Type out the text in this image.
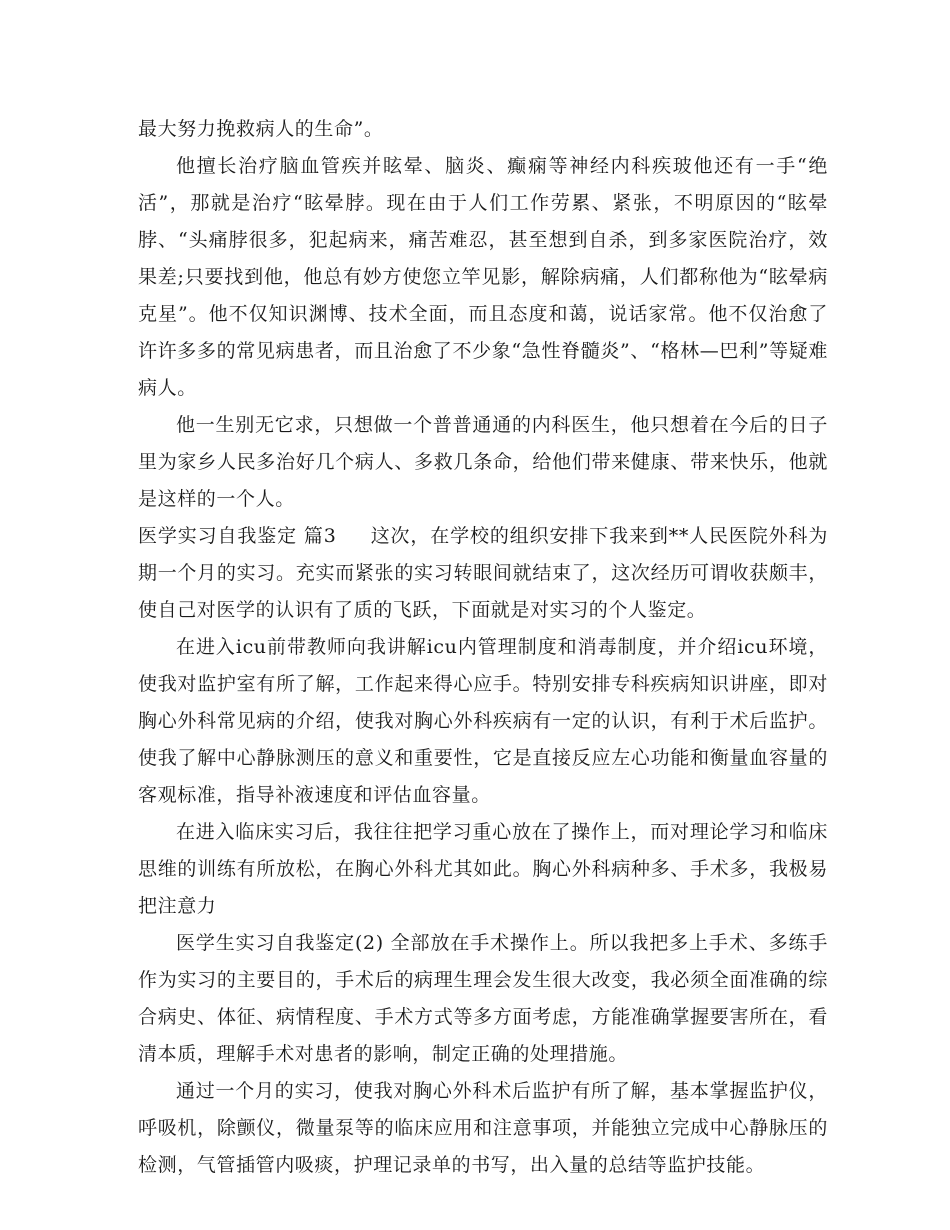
最大努力挽救病人的生命”。

他擅长治疗脑血管疾并眩晕、脑炎、癫痫等神经内科疾玻他还有一手“绝活”，那就是治疗“眩晕脖。现在由于人们工作劳累、紧张，不明原因的“眩晕脖、“头痛脖很多，犯起病来，痛苦难忍，甚至想到自杀，到多家医院治疗，效果差;只要找到他，他总有妙方使您立竿见影，解除病痛，人们都称他为“眩晕病克星”。他不仅知识渊博、技术全面，而且态度和蔼，说话家常。他不仅治愈了许许多多的常见病患者，而且治愈了不少象“急性脊髓炎”、“格林—巴利”等疑难病人。

他一生别无它求，只想做一个普普通通的内科医生，他只想着在今后的日子里为家乡人民多治好几个病人、多救几条命，给他们带来健康、带来快乐，他就是这样的一个人。

医学实习自我鉴定 篇3 这次，在学校的组织安排下我来到**人民医院外科为期一个月的实习。充实而紧张的实习转眼间就结束了，这次经历可谓收获颇丰，使自己对医学的认识有了质的飞跃，下面就是对实习的个人鉴定。

在进入icu前带教师向我讲解icu内管理制度和消毒制度，并介绍icu环境，使我对监护室有所了解，工作起来得心应手。特别安排专科疾病知识讲座，即对胸心外科常见病的介绍，使我对胸心外科疾病有一定的认识，有利于术后监护。使我了解中心静脉测压的意义和重要性，它是直接反应左心功能和衡量血容量的客观标准，指导补液速度和评估血容量。

在进入临床实习后，我往往把学习重心放在了操作上，而对理论学习和临床思维的训练有所放松，在胸心外科尤其如此。胸心外科病种多、手术多，我极易把注意力

医学生实习自我鉴定(2) 全部放在手术操作上。所以我把多上手术、多练手作为实习的主要目的，手术后的病理生理会发生很大改变，我必须全面准确的综合病史、体征、病情程度、手术方式等多方面考虑，方能准确掌握要害所在，看清本质，理解手术对患者的影响，制定正确的处理措施。

通过一个月的实习，使我对胸心外科术后监护有所了解，基本掌握监护仪，呼吸机，除颤仪，微量泵等的临床应用和注意事项，并能独立完成中心静脉压的检测，气管插管内吸痰，护理记录单的书写，出入量的总结等监护技能。
